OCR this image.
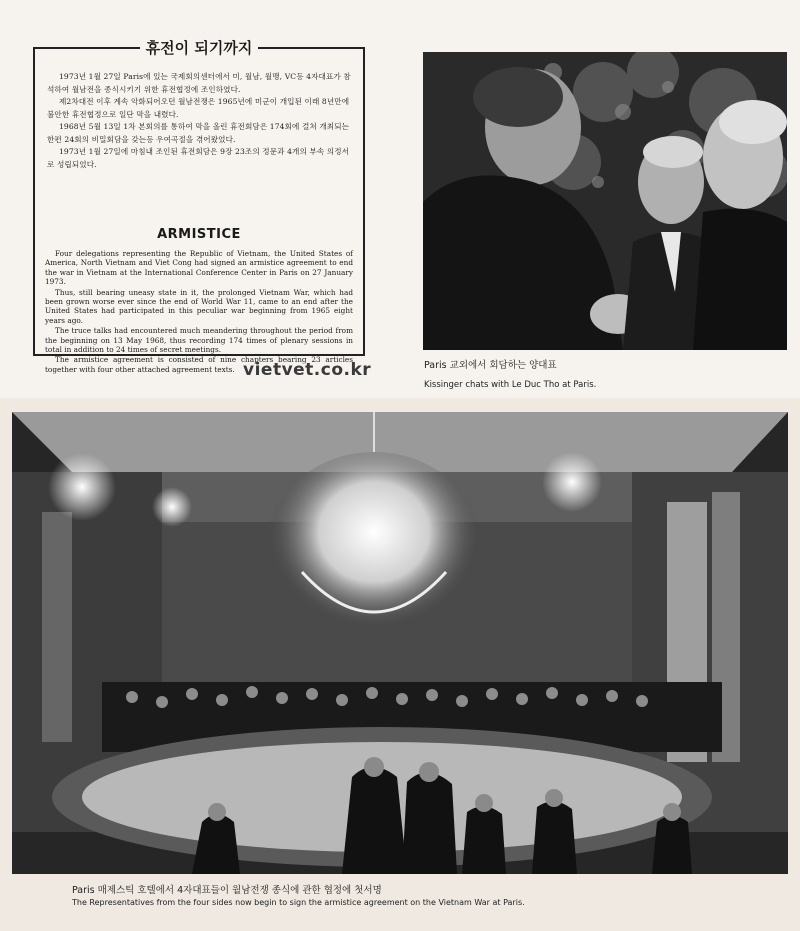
휴전이 되기까지

1973년 1월 27일 Paris에 있는 국제회의센터에서 미, 월남, 월맹, VC등 4자대표가 참석하여 월남전을 종식시키기 위한 휴전협정에 조인하였다.

제2차대전 이후 계속 악화되어오던 월남전쟁은 1965년에 미군이 개입된 이래 8년만에 불안한 휴전협정으로 일단 막을 내렸다.

1968년 5월 13일 1차 본회의를 통하여 막을 올린 휴전회담은 174회에 걸쳐 개최되는 한편 24회의 비밀회담을 갖는등 우여곡절을 겪어왔었다.

1973년 1월 27일에 마침내 조인된 휴전회담은 9장 23조의 정문과 4개의 부속 의정서로 성립되었다.

ARMISTICE

Four delegations representing the Republic of Vietnam, the United States of America, North Vietnam and Viet Cong had signed an armistice agreement to end the war in Vietnam at the International Conference Center in Paris on 27 January 1973.

Thus, still bearing uneasy state in it, the prolonged Vietnam War, which had been grown worse ever since the end of World War 11, came to an end after the United States had participated in this peculiar war beginning from 1965 eight years ago.

The truce talks had encountered much meandering throughout the period from the beginning on 13 May 1968, thus recording 174 times of plenary sessions in total in addition to 24 times of secret meetings.

The armistice agreement is consisted of nine chapters bearing 23 articles together with four other attached agreement texts. vietvet.co.kr	Paris 교외에서 회담하는 양대표
Kissinger chats with Le Duc Tho at Paris.
Paris 매제스틱 호텔에서 4자대표들이 월남전쟁 종식에 관한 협정에 첫서명
The Representatives from the four sides now begin to sign the armistice agreement on the Vietnam War at Paris.
